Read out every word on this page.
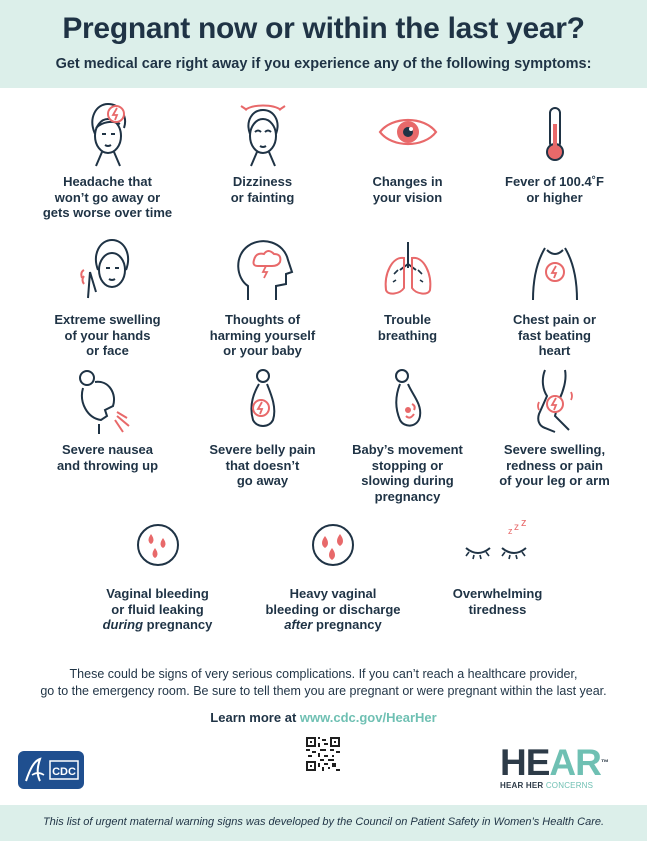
Pregnant now or within the last year?
Get medical care right away if you experience any of the following symptoms:
Headache that
won’t go away or
gets worse over time
Dizziness
or fainting
Changes in
your vision
Fever of 100.4˚F
or higher
Extreme swelling
of your hands
or face
Thoughts of
harming yourself
or your baby
Trouble
breathing
Chest pain or
fast beating
heart
Severe nausea
and throwing up
Severe belly pain
that doesn’t
go away
Baby’s movement
stopping or
slowing during
pregnancy
Severe swelling,
redness or pain
of your leg or arm
Vaginal bleeding
or fluid leaking
during pregnancy
Heavy vaginal
bleeding or discharge
after pregnancy
z z z
Overwhelming
tiredness
These could be signs of very serious complications. If you can’t reach a healthcare provider,
go to the emergency room. Be sure to tell them you are pregnant or were pregnant within the last year.
Learn more at www.cdc.gov/HearHer
CDC	HEAR™
HEAR HER CONCERNS
This list of urgent maternal warning signs was developed by the Council on Patient Safety in Women’s Health Care.
